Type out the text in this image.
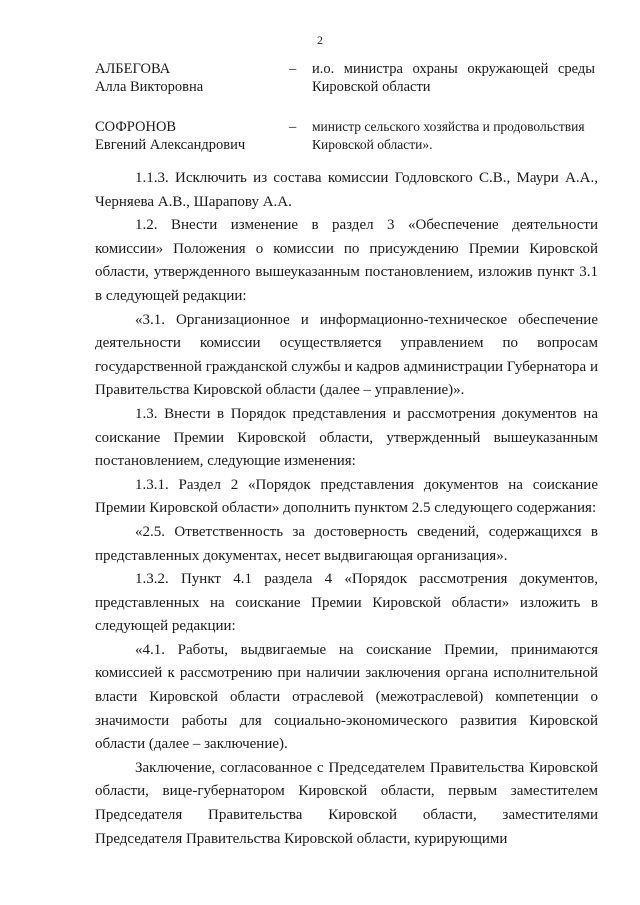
2
АЛБЕГОВА
Алла Викторовна
– и.о. министра охраны окружающей среды
Кировской области
СОФРОНОВ
Евгений Александрович
– министр сельского хозяйства и продовольствия
Кировской области».

1.1.3. Исключить из состава комиссии Годловского С.В., Маури А.А., Черняева А.В., Шарапову А.А.

1.2. Внести изменение в раздел 3 «Обеспечение деятельности комиссии» Положения о комиссии по присуждению Премии Кировской области, утвержденного вышеуказанным постановлением, изложив пункт 3.1 в следующей редакции:

«3.1. Организационное и информационно-техническое обеспечение деятельности комиссии осуществляется управлением по вопросам государственной гражданской службы и кадров администрации Губернатора и Правительства Кировской области (далее – управление)».

1.3. Внести в Порядок представления и рассмотрения документов на соискание Премии Кировской области, утвержденный вышеуказанным постановлением, следующие изменения:

1.3.1. Раздел 2 «Порядок представления документов на соискание Премии Кировской области» дополнить пунктом 2.5 следующего содержания:

«2.5. Ответственность за достоверность сведений, содержащихся в представленных документах, несет выдвигающая организация».

1.3.2. Пункт 4.1 раздела 4 «Порядок рассмотрения документов, представленных на соискание Премии Кировской области» изложить в следующей редакции:

«4.1. Работы, выдвигаемые на соискание Премии, принимаются комиссией к рассмотрению при наличии заключения органа исполнительной власти Кировской области отраслевой (межотраслевой) компетенции о значимости работы для социально-экономического развития Кировской области (далее – заключение).

Заключение, согласованное с Председателем Правительства Кировской области, вице-губернатором Кировской области, первым заместителем Председателя Правительства Кировской области, заместителями Председателя Правительства Кировской области, курирующими
